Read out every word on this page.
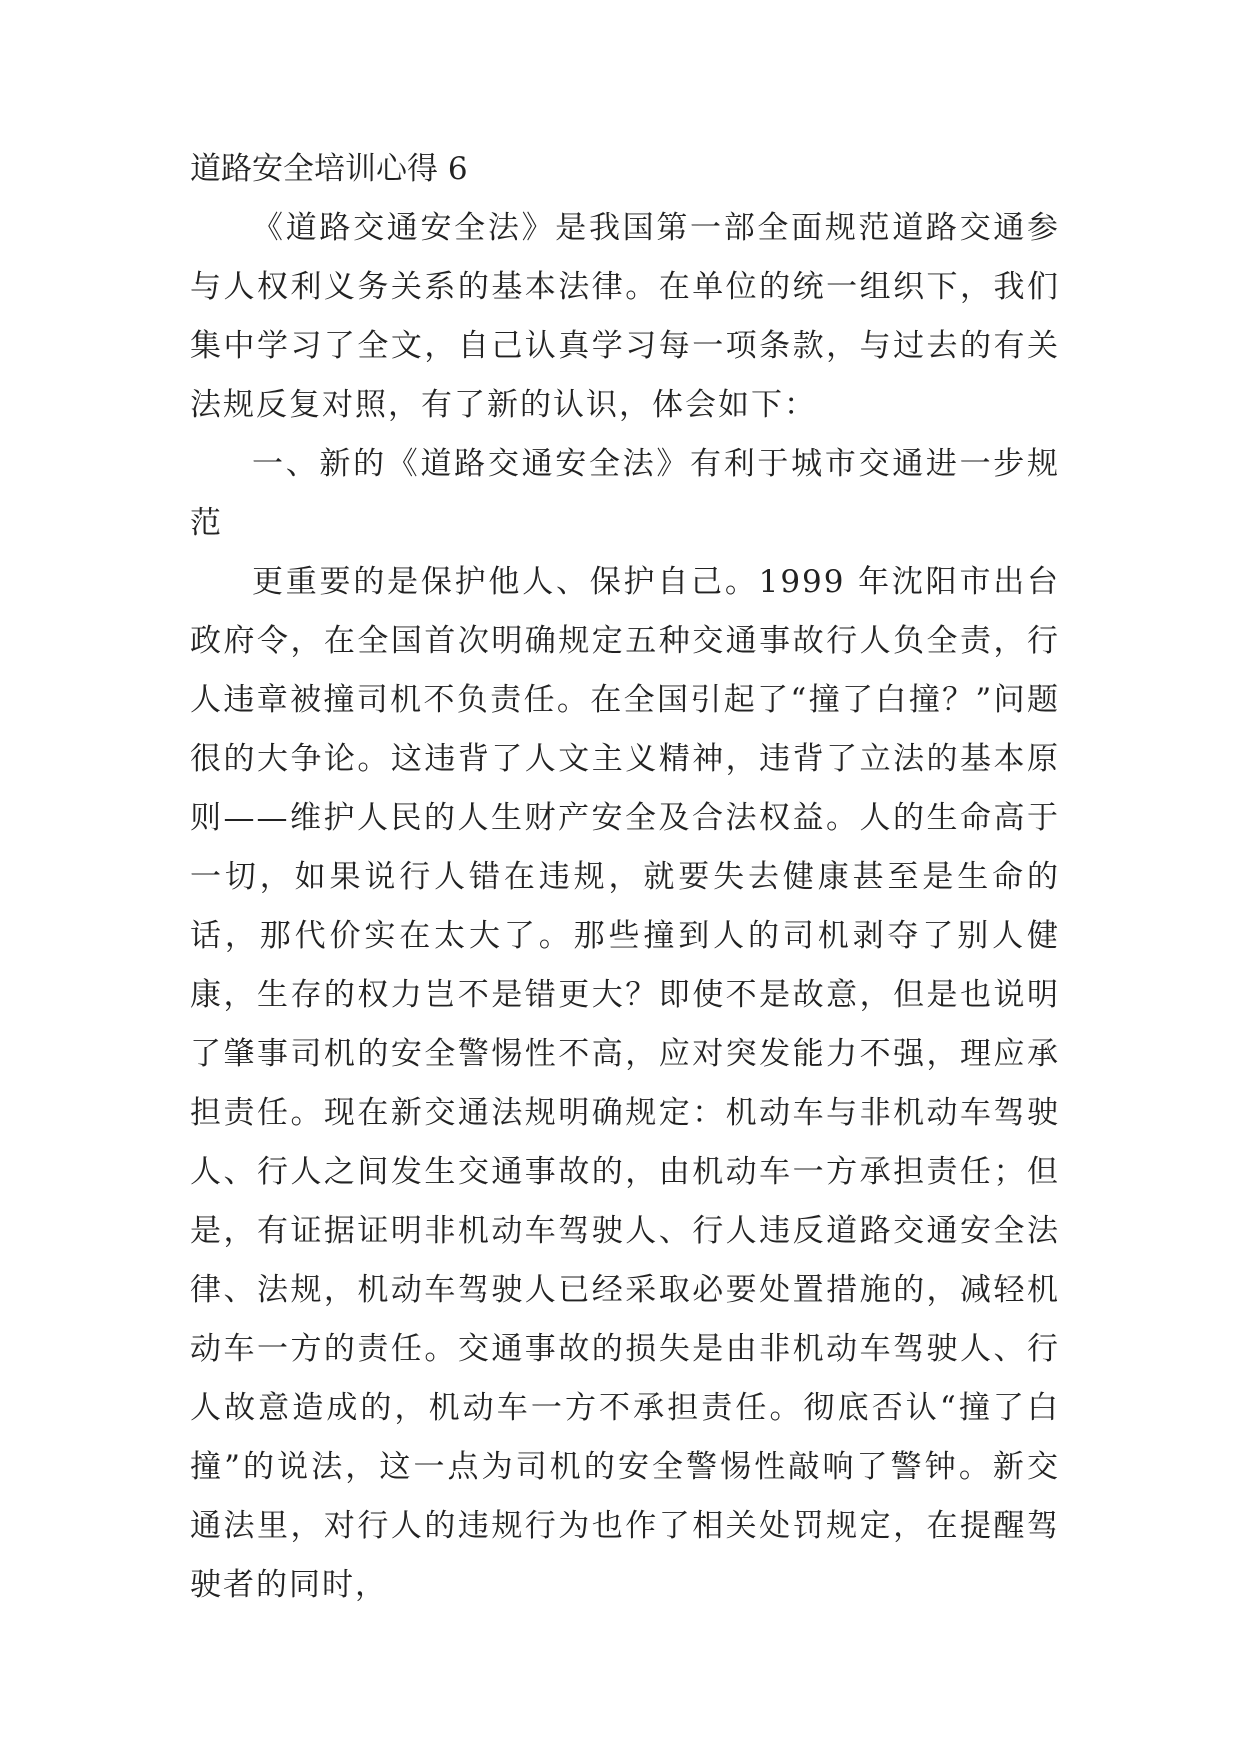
道路安全培训心得 6

《道路交通安全法》是我国第一部全面规范道路交通参与人权利义务关系的基本法律。在单位的统一组织下，我们集中学习了全文，自己认真学习每一项条款，与过去的有关法规反复对照，有了新的认识，体会如下：

一、新的《道路交通安全法》有利于城市交通进一步规范

更重要的是保护他人、保护自己。1999 年沈阳市出台政府令，在全国首次明确规定五种交通事故行人负全责，行人违章被撞司机不负责任。在全国引起了“撞了白撞？”问题很的大争论。这违背了人文主义精神，违背了立法的基本原则——维护人民的人生财产安全及合法权益。人的生命高于一切，如果说行人错在违规，就要失去健康甚至是生命的话，那代价实在太大了。那些撞到人的司机剥夺了别人健康，生存的权力岂不是错更大？即使不是故意，但是也说明了肇事司机的安全警惕性不高，应对突发能力不强，理应承担责任。现在新交通法规明确规定：机动车与非机动车驾驶人、行人之间发生交通事故的，由机动车一方承担责任；但是，有证据证明非机动车驾驶人、行人违反道路交通安全法律、法规，机动车驾驶人已经采取必要处置措施的，减轻机动车一方的责任。交通事故的损失是由非机动车驾驶人、行人故意造成的，机动车一方不承担责任。彻底否认“撞了白撞”的说法，这一点为司机的安全警惕性敲响了警钟。新交通法里，对行人的违规行为也作了相关处罚规定，在提醒驾驶者的同时，
